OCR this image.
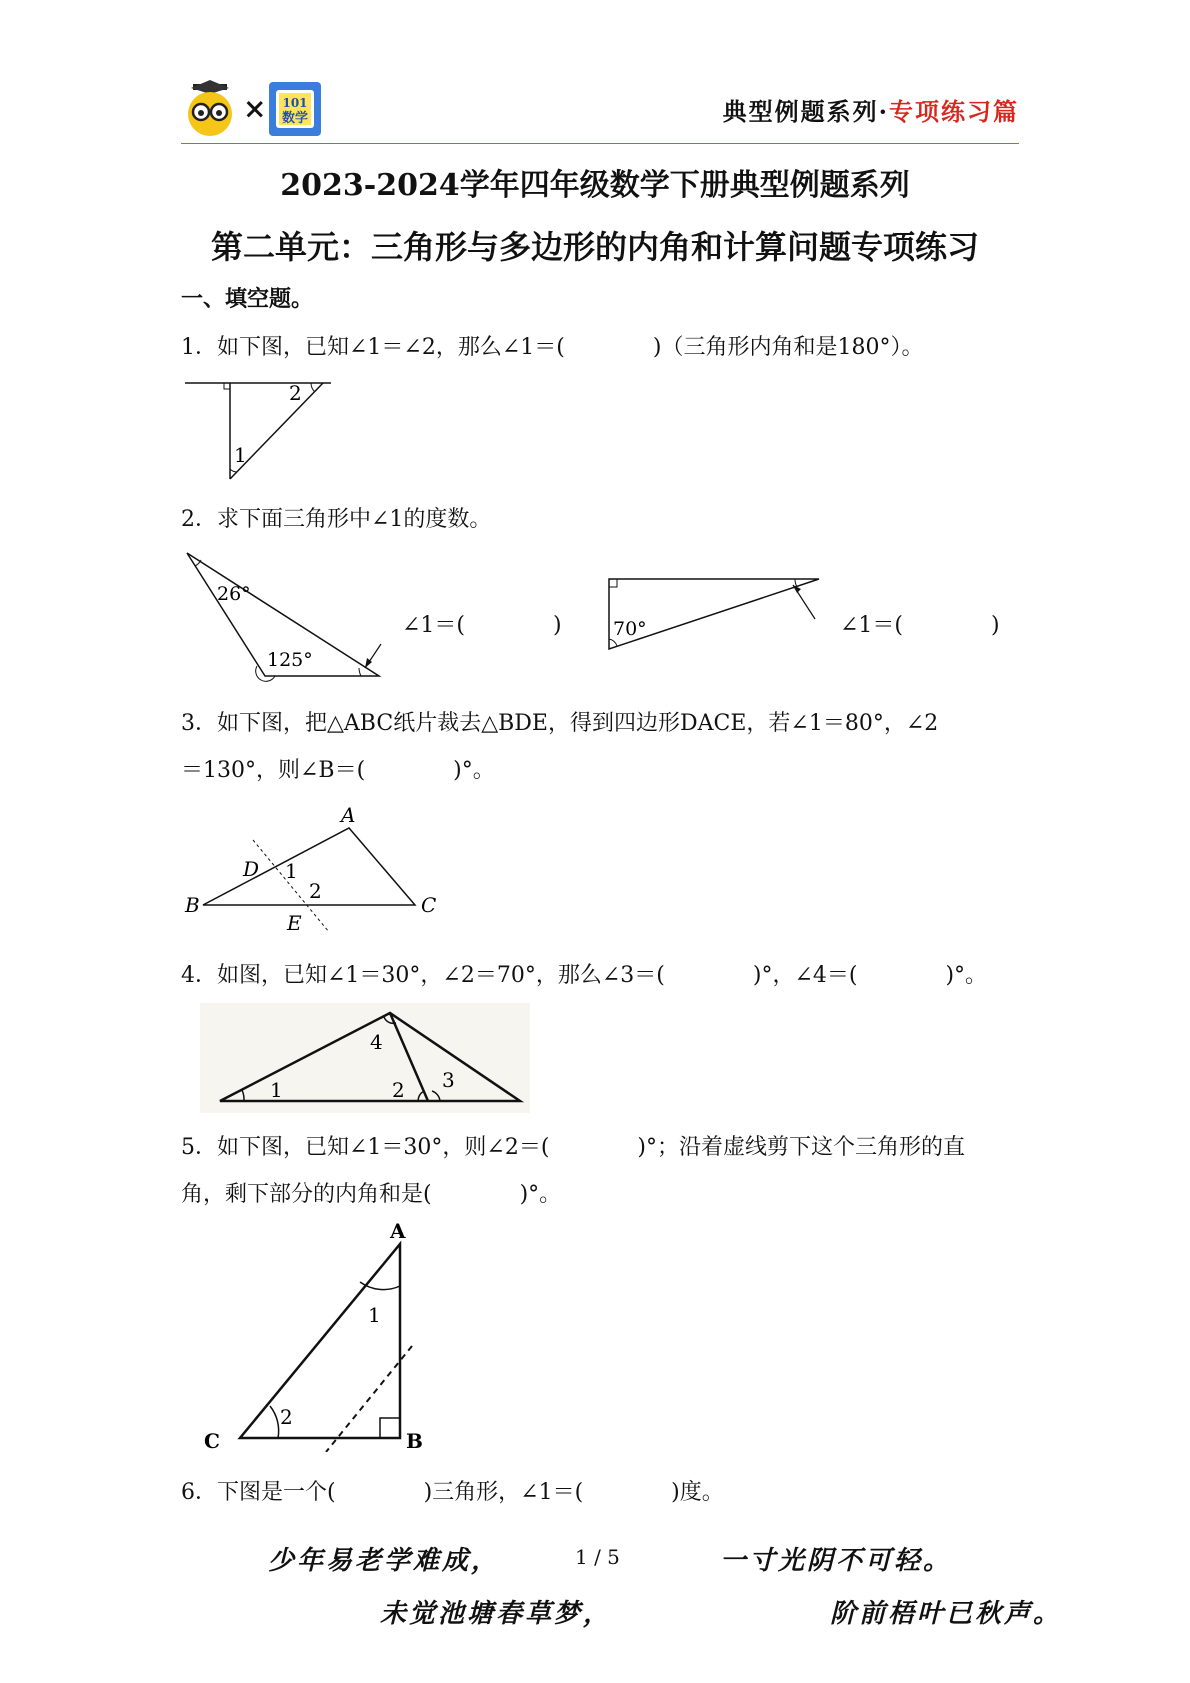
× 101
数学	典型例题系列·专项练习篇
2023-2024学年四年级数学下册典型例题系列
第二单元：三角形与多边形的内角和计算问题专项练习
一、填空题。
1．如下图，已知∠1＝∠2，那么∠1＝(　　　　)（三角形内角和是180°）。
2
1
2．求下面三角形中∠1的度数。
26°
125°
∠1＝(　　　　)	70°	∠1＝(　　　　)
3．如下图，把△ABC纸片裁去△BDE，得到四边形DACE，若∠1＝80°，∠2
＝130°，则∠B＝(　　　　)°。
A
B	C
D
E
1
2
4．如图，已知∠1＝30°，∠2＝70°，那么∠3＝(　　　　)°，∠4＝(　　　　)°。
1	2 3
4
5．如下图，已知∠1＝30°，则∠2＝(　　　　)°；沿着虚线剪下这个三角形的直
角，剩下部分的内角和是(　　　　)°。
A
B
C
1
2
6．下图是一个(　　　　)三角形，∠1＝(　　　　)度。
少年易老学难成，	1 / 5	一寸光阴不可轻。
未觉池塘春草梦，	阶前梧叶已秋声。
